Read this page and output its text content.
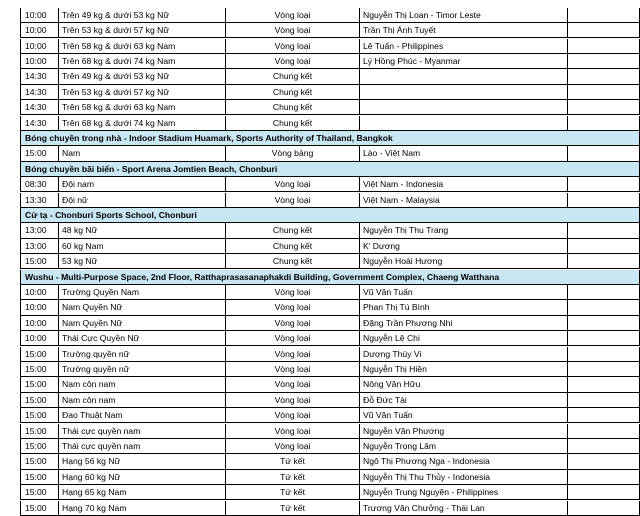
10:00	Trên 49 kg & dưới 53 kg Nữ	Vòng loại	Nguyễn Thị Loan - Timor Leste
10:00	Trên 53 kg & dưới 57 kg Nữ	Vòng loại	Trần Thị Ánh Tuyết
10:00	Trên 58 kg & dưới 63 kg Nam	Vòng loại	Lê Tuấn - Philippines
10:00	Trên 68 kg & dưới 74 kg Nam	Vòng loại	Lý Hồng Phúc - Myanmar
14:30	Trên 49 kg & dưới 53 kg Nữ	Chung kết
14:30	Trên 53 kg & dưới 57 kg Nữ	Chung kết
14:30	Trên 58 kg & dưới 63 kg Nam	Chung kết
14:30	Trên 68 kg & dưới 74 kg Nam	Chung kết
Bóng chuyền trong nhà - Indoor Stadium Huamark, Sports Authority of Thailand, Bangkok
15:00	Nam	Vòng bảng	Lào - Việt Nam
Bóng chuyền bãi biển - Sport Arena Jomtien Beach, Chonburi
08:30	Đội nam	Vòng loại	Việt Nam - Indonesia
13:30	Đội nữ	Vòng loại	Việt Nam - Malaysia
Cử tạ - Chonburi Sports School, Chonburi
13:00	48 kg Nữ	Chung kết	Nguyễn Thị Thu Trang
13:00	60 kg Nam	Chung kết	K' Dương
15:00	53 kg Nữ	Chung kết	Nguyễn Hoài Hương
Wushu - Multi-Purpose Space, 2nd Floor, Ratthaprasasanaphakdi Building, Government Complex, Chaeng Watthana
10:00	Trường Quyền Nam	Vòng loại	Vũ Văn Tuấn
10:00	Nam Quyền Nữ	Vòng loại	Phan Thị Tú Bình
10:00	Nam Quyền Nữ	Vòng loại	Đặng Trần Phương Nhi
10:00	Thái Cực Quyền Nữ	Vòng loại	Nguyễn Lệ Chi
15:00	Trường quyền nữ	Vòng loại	Dương Thúy Vi
15:00	Trường quyền nữ	Vòng loại	Nguyễn Thị Hiền
15:00	Nam côn nam	Vòng loại	Nông Văn Hữu
15:00	Nam côn nam	Vòng loại	Đỗ Đức Tài
15:00	Đao Thuật Nam	Vòng loại	Vũ Văn Tuấn
15:00	Thái cực quyền nam	Vòng loại	Nguyễn Văn Phương
15:00	Thái cực quyền nam	Vòng loại	Nguyễn Trọng Lâm
15:00	Hạng 56 kg Nữ	Tứ kết	Ngô Thị Phương Nga - Indonesia
15:00	Hạng 60 kg Nữ	Tứ kết	Nguyễn Thị Thu Thủy - Indonesia
15:00	Hạng 65 kg Nam	Tứ kết	Nguyễn Trung Nguyên - Philippines
15:00	Hạng 70 kg Nam	Tứ kết	Trương Văn Chưởng - Thái Lan
